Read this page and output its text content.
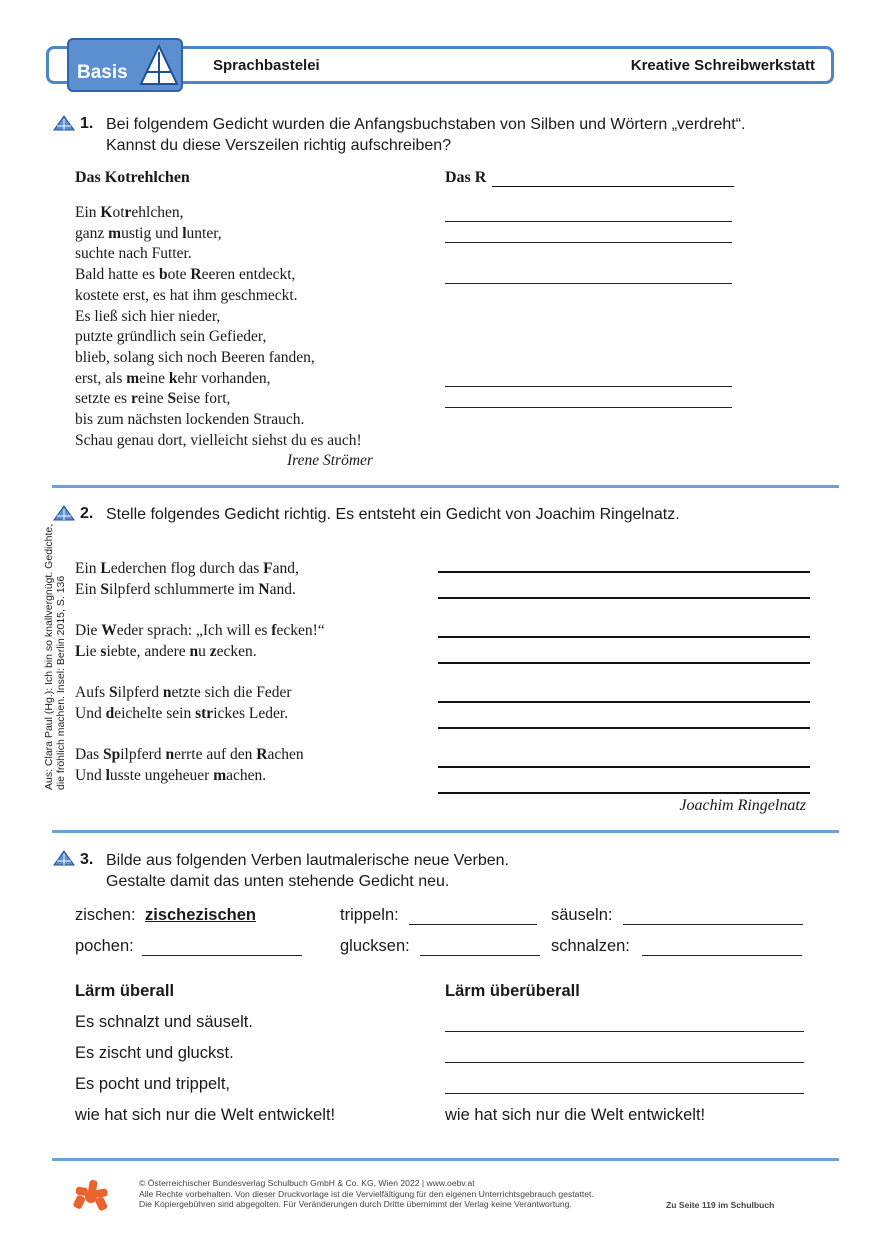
Basis	Sprachbastelei	Kreative Schreibwerkstatt
1. Bei folgendem Gedicht wurden die Anfangsbuchstaben von Silben und Wörtern „verdreht“.
Kannst du diese Verszeilen richtig aufschreiben?
Das Kotrehlchen	Das R
Ein Kotrehlchen,
ganz mustig und lunter,
suchte nach Futter.
Bald hatte es bote Reeren entdeckt,
kostete erst, es hat ihm geschmeckt.
Es ließ sich hier nieder,
putzte gründlich sein Gefieder,
blieb, solang sich noch Beeren fanden,
erst, als meine kehr vorhanden,
setzte es reine Seise fort,
bis zum nächsten lockenden Strauch.
Schau genau dort, vielleicht siehst du es auch!
Irene Strömer
2. Stelle folgendes Gedicht richtig. Es entsteht ein Gedicht von Joachim Ringelnatz.
Aus: Clara Paul (Hg.): Ich bin so knallvergnügt. Gedichte, die fröhlich machen. Insel: Berlin 2015, S. 136
Ein Lederchen flog durch das Fand,
Ein Silpferd schlummerte im Nand.
Die Weder sprach: „Ich will es fecken!“
Lie siebte, andere nu zecken.
Aufs Silpferd netzte sich die Feder
Und deichelte sein strickes Leder.
Das Spilpferd nerrte auf den Rachen
Und lusste ungeheuer machen.
Joachim Ringelnatz
3. Bilde aus folgenden Verben lautmalerische neue Verben.
Gestalte damit das unten stehende Gedicht neu.
zischen: zischezischen	trippeln:	säuseln:
pochen:	glucksen:	schnalzen:
Lärm überall	Lärm überüberall
Es schnalzt und säuselt.
Es zischt und gluckst.
Es pocht und trippelt,
wie hat sich nur die Welt entwickelt!	wie hat sich nur die Welt entwickelt!
© Österreichischer Bundesverlag Schulbuch GmbH & Co. KG, Wien 2022 | www.oebv.at
Alle Rechte vorbehalten. Von dieser Druckvorlage ist die Vervielfältigung für den eigenen Unterrichtsgebrauch gestattet.
Die Kopiergebühren sind abgegolten. Für Veränderungen durch Dritte übernimmt der Verlag keine Verantwortung.	Zu Seite 119 im Schulbuch
